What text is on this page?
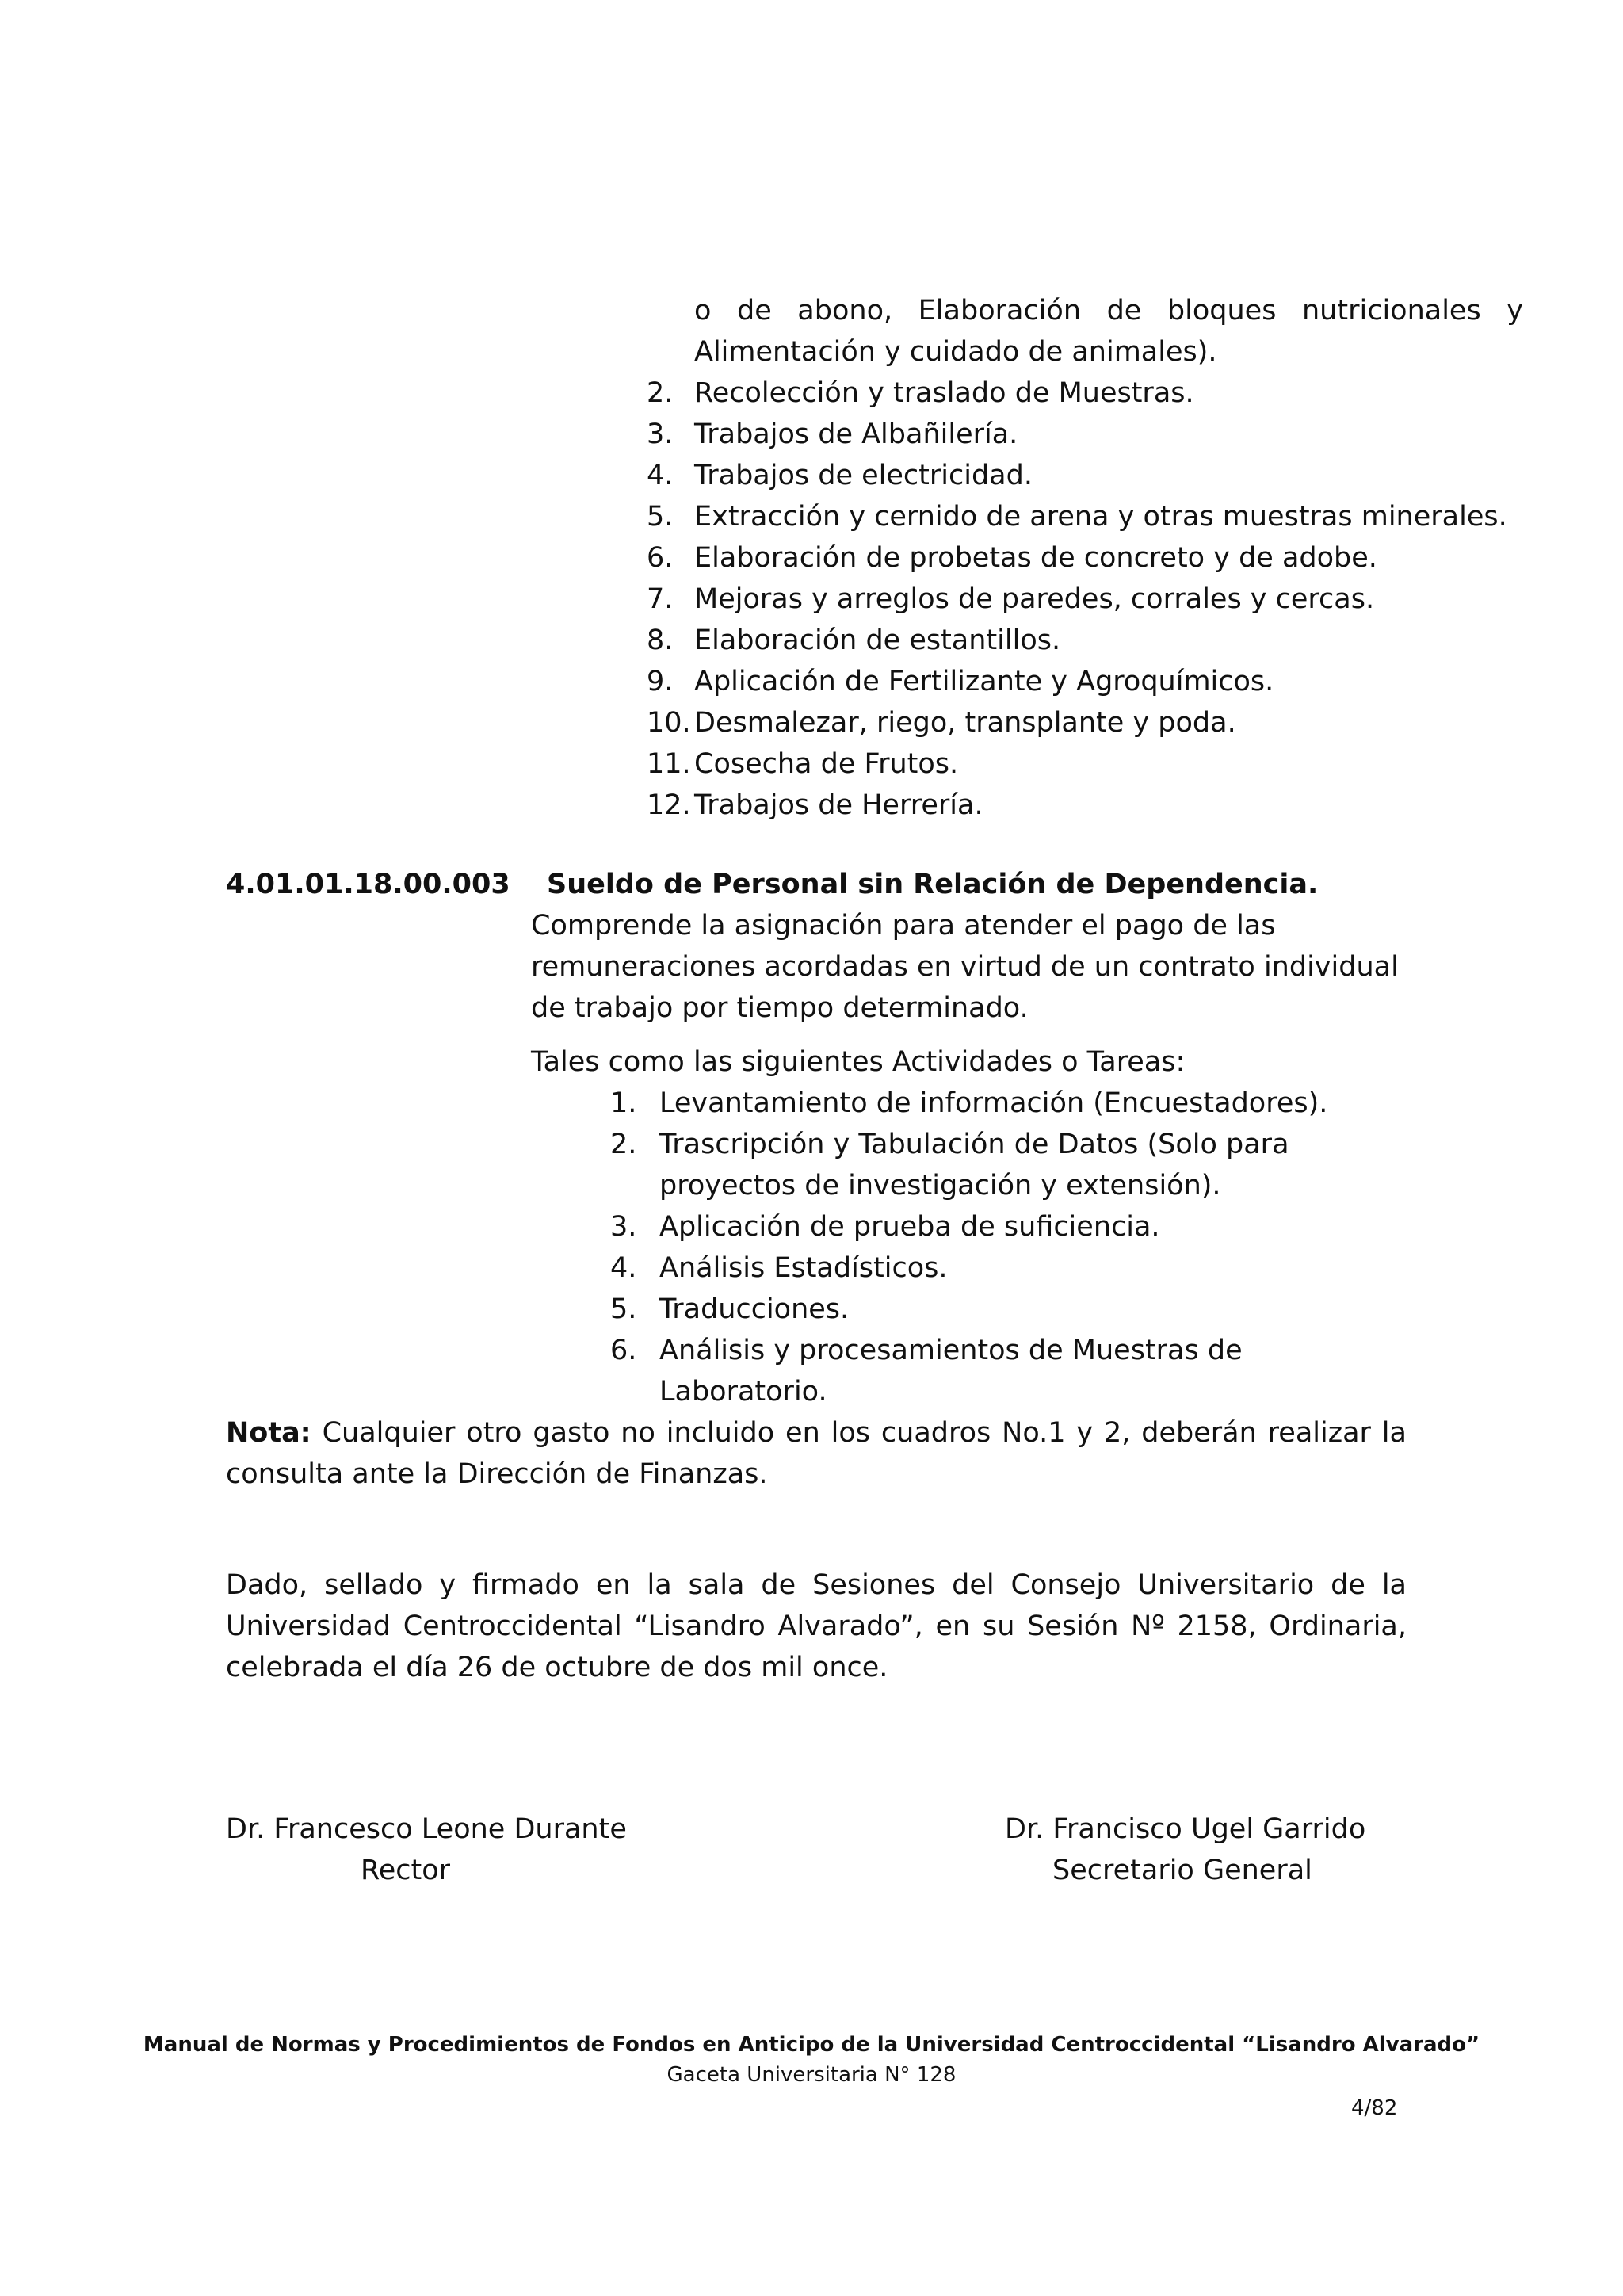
o de abono, Elaboración de bloques nutricionales y
Alimentación y cuidado de animales).
2. Recolección y traslado de Muestras.
3. Trabajos de Albañilería.
4. Trabajos de electricidad.
5. Extracción y cernido de arena y otras muestras minerales.
6. Elaboración de probetas de concreto y de adobe.
7. Mejoras y arreglos de paredes, corrales y cercas.
8. Elaboración de estantillos.
9. Aplicación de Fertilizante y Agroquímicos.
10. Desmalezar, riego, transplante y poda.
11. Cosecha de Frutos.
12. Trabajos de Herrería.
4.01.01.18.00.003 Sueldo de Personal sin Relación de Dependencia.
Comprende la asignación para atender el pago de las
remuneraciones acordadas en virtud de un contrato individual
de trabajo por tiempo determinado.
Tales como las siguientes Actividades o Tareas:
1. Levantamiento de información (Encuestadores).
2. Trascripción y Tabulación de Datos (Solo para
proyectos de investigación y extensión).
3. Aplicación de prueba de suficiencia.
4. Análisis Estadísticos.
5. Traducciones.
6. Análisis y procesamientos de Muestras de
Laboratorio.
Nota: Cualquier otro gasto no incluido en los cuadros No.1 y 2, deberán realizar la
consulta ante la Dirección de Finanzas.
Dado, sellado y firmado en la sala de Sesiones del Consejo Universitario de la
Universidad Centroccidental “Lisandro Alvarado”, en su Sesión Nº 2158, Ordinaria,
celebrada el día 26 de octubre de dos mil once.
Dr. Francesco Leone Durante
Rector
Dr. Francisco Ugel Garrido
Secretario General
Manual de Normas y Procedimientos de Fondos en Anticipo de la Universidad Centroccidental “Lisandro Alvarado”
Gaceta Universitaria N° 128
4/82
